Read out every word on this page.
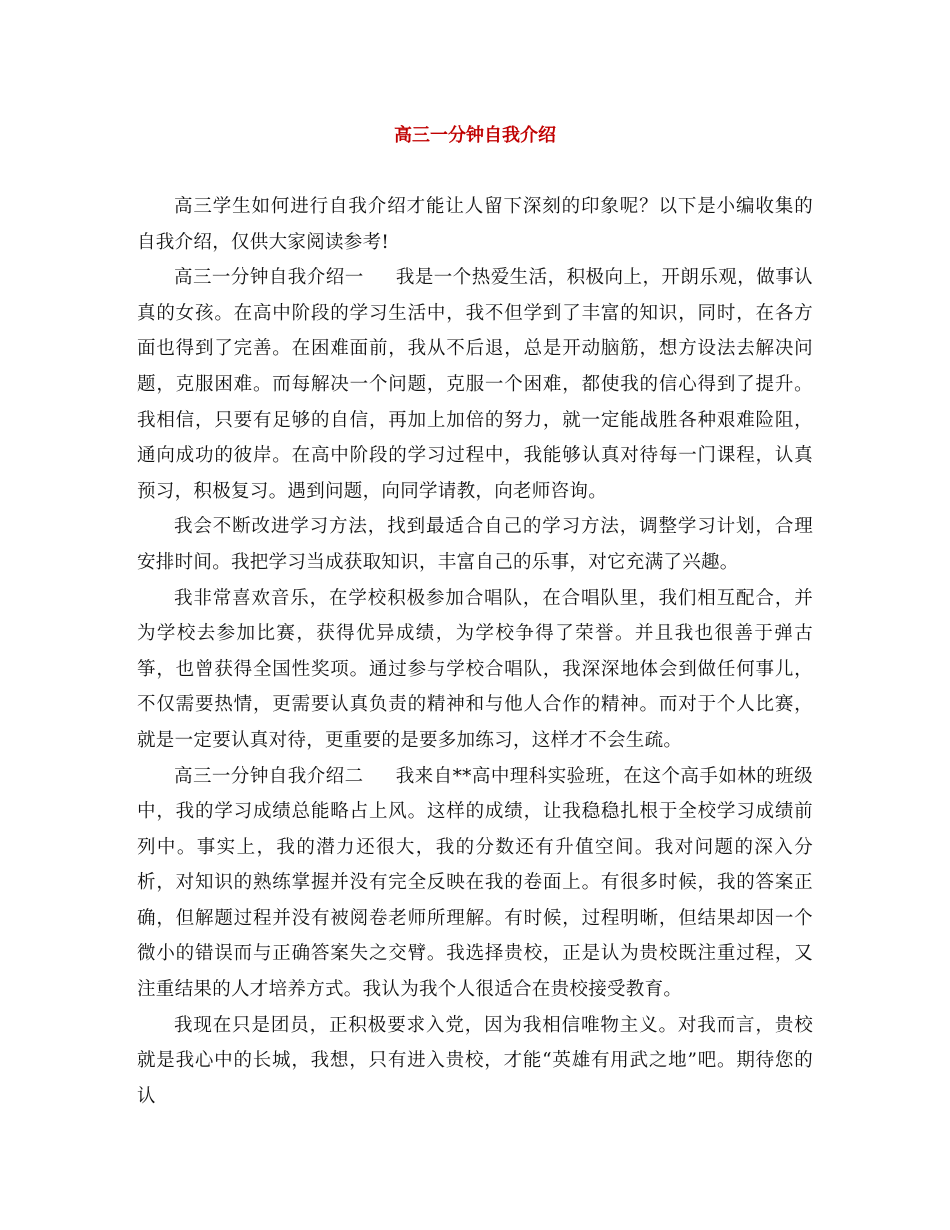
高三一分钟自我介绍

高三学生如何进行自我介绍才能让人留下深刻的印象呢？以下是小编收集的自我介绍，仅供大家阅读参考!

高三一分钟自我介绍一 我是一个热爱生活，积极向上，开朗乐观，做事认真的女孩。在高中阶段的学习生活中，我不但学到了丰富的知识，同时，在各方面也得到了完善。在困难面前，我从不后退，总是开动脑筋，想方设法去解决问题，克服困难。而每解决一个问题，克服一个困难，都使我的信心得到了提升。我相信，只要有足够的自信，再加上加倍的努力，就一定能战胜各种艰难险阻，通向成功的彼岸。在高中阶段的学习过程中，我能够认真对待每一门课程，认真预习，积极复习。遇到问题，向同学请教，向老师咨询。

我会不断改进学习方法，找到最适合自己的学习方法，调整学习计划，合理安排时间。我把学习当成获取知识，丰富自己的乐事，对它充满了兴趣。

我非常喜欢音乐，在学校积极参加合唱队，在合唱队里，我们相互配合，并为学校去参加比赛，获得优异成绩，为学校争得了荣誉。并且我也很善于弹古筝，也曾获得全国性奖项。通过参与学校合唱队，我深深地体会到做任何事儿，不仅需要热情，更需要认真负责的精神和与他人合作的精神。而对于个人比赛，就是一定要认真对待，更重要的是要多加练习，这样才不会生疏。

高三一分钟自我介绍二 我来自**高中理科实验班，在这个高手如林的班级中，我的学习成绩总能略占上风。这样的成绩，让我稳稳扎根于全校学习成绩前列中。事实上，我的潜力还很大，我的分数还有升值空间。我对问题的深入分析，对知识的熟练掌握并没有完全反映在我的卷面上。有很多时候，我的答案正确，但解题过程并没有被阅卷老师所理解。有时候，过程明晰，但结果却因一个微小的错误而与正确答案失之交臂。我选择贵校，正是认为贵校既注重过程，又注重结果的人才培养方式。我认为我个人很适合在贵校接受教育。

我现在只是团员，正积极要求入党，因为我相信唯物主义。对我而言，贵校就是我心中的长城，我想，只有进入贵校，才能“英雄有用武之地”吧。期待您的认
